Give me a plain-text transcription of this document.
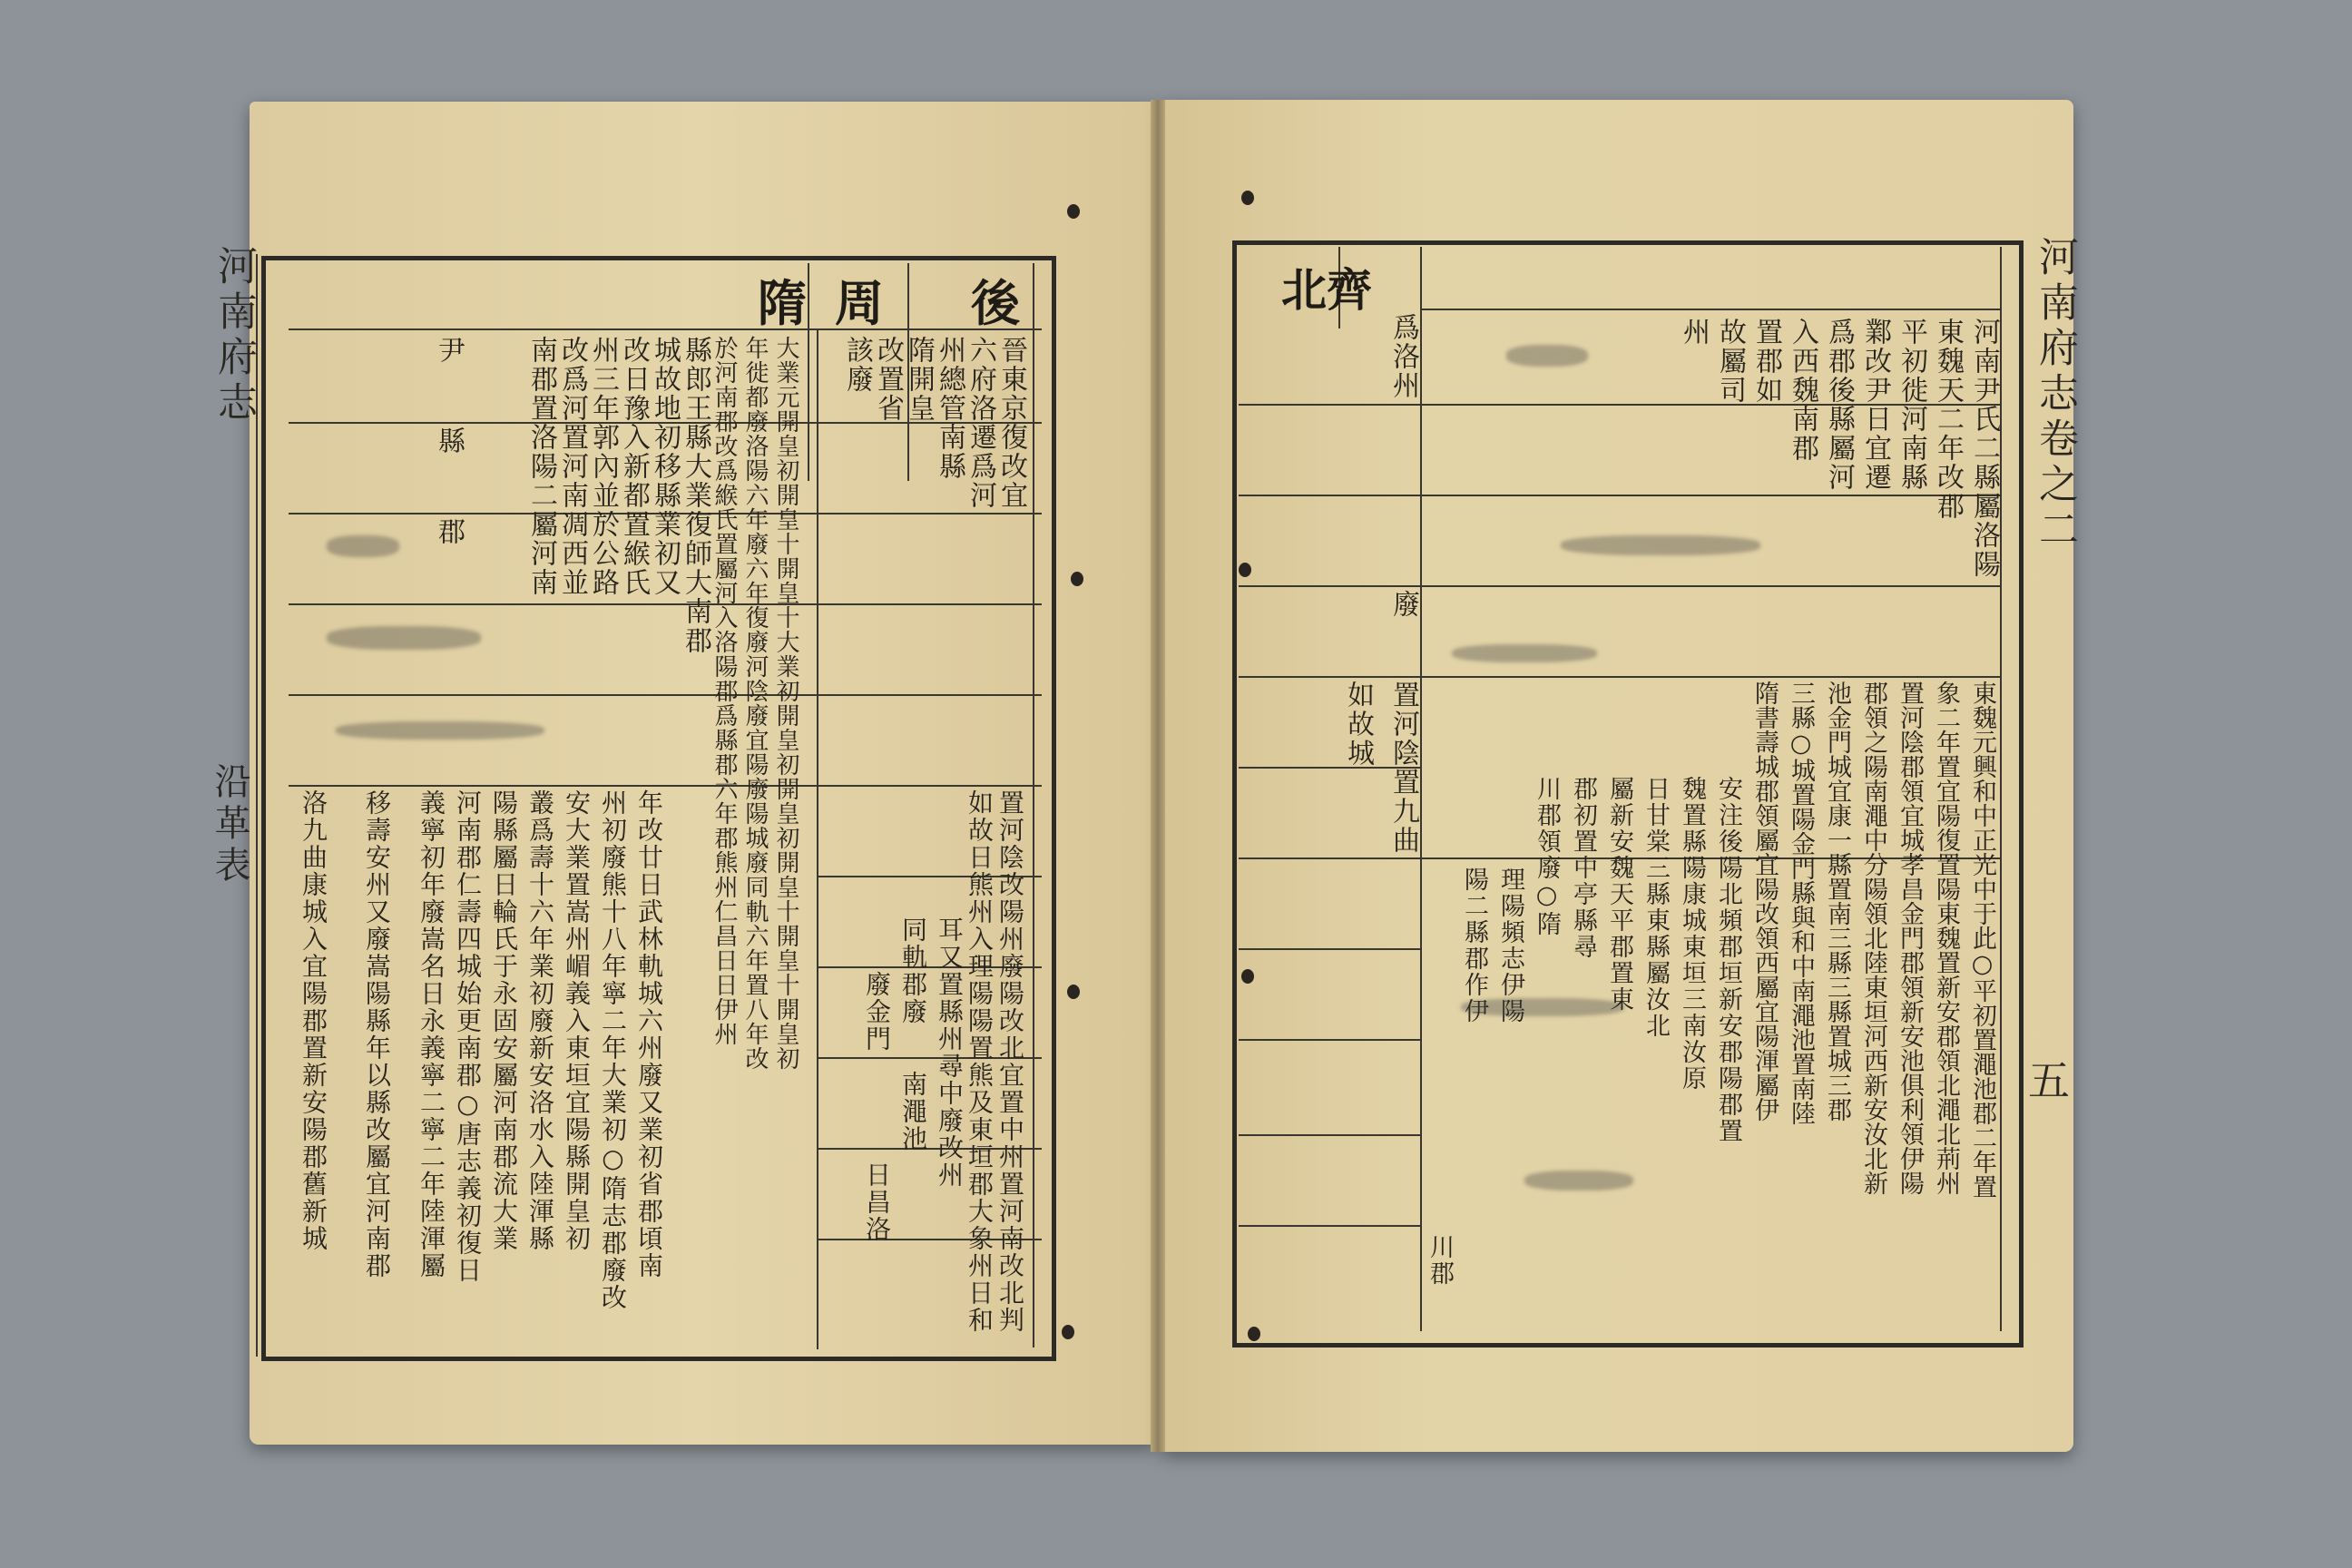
河南府志
沿革表
後
周
隋
晉東京復改宜
六府洛遷爲河
州總管南縣
隋開皇
改置省
該廢
置河陰改陽州廢陽改北宜置中州置河南改北判
如故日熊州入理陽陽置熊及東垣郡大象州日和
耳又置縣州尋中廢改州
同軌郡廢
廢金門
南澠池
日昌洛
大業元開皇初開皇十開皇十大業初開皇初開皇初開皇十開皇十開皇初
年徙都廢洛陽六年廢六年復廢河陰廢宜陽廢陽城廢同軌六年置八年改
於河南郡改爲緱氏置屬河入洛陽郡爲縣郡六年郡熊州仁昌日日伊州
縣郎王縣大業復師大南郡
城故地初移縣業初又
改日豫入新都置緱氏
州三年郭內並於公路
改爲河置河南凋西並
南郡置洛陽二屬河南
尹
縣
郡
年改廿日武林軌城六州廢又業初省郡頃南
州初廢熊十八年寧二年大業初○隋志郡廢改
安大業置嵩州嵋義入東垣宜陽縣開皇初
叢爲壽十六年業初廢新安洛水入陸渾縣
陽縣屬日輪氏于永固安屬河南郡流大業
河南郡仁壽四城始更南郡○唐志義初復日
義寧初年廢嵩名日永義寧二寧二年陸渾屬
移壽安州又廢嵩陽縣年以縣改屬宜河南郡
洛九曲康城入宜陽郡置新安陽郡舊新城
北齊	河南府志卷之二
五
爲洛州
廢
置河陰置九曲
如故城
河南尹氏二縣屬洛陽
東魏天二年改郡
平初徙河南縣
鄴改尹日宜遷
爲郡後縣屬河
入西魏南郡
置郡如
故屬司
州
東魏元興和中正光中于此○平初置澠池郡二年置
象二年置宜陽復置陽東魏置新安郡領北澠北荊州
置河陰郡領宜城孝昌金門郡領新安池俱利領伊陽
郡領之陽南澠中分陽領北陸東垣河西新安汝北新
池金門城宜康一縣置南三縣三縣置城三郡
三縣○城置陽金門縣與和中南澠池置南陸
隋書壽城郡領屬宜陽改領西屬宜陽渾屬伊
安注後陽北頻郡垣新安郡陽郡置
魏置縣陽康城東垣三南汝原
日甘棠三縣東縣屬汝北
屬新安魏天平郡置東
郡初置中亭縣尋
川郡領廢○隋
理陽頻志伊陽
陽二縣郡作伊
川郡
